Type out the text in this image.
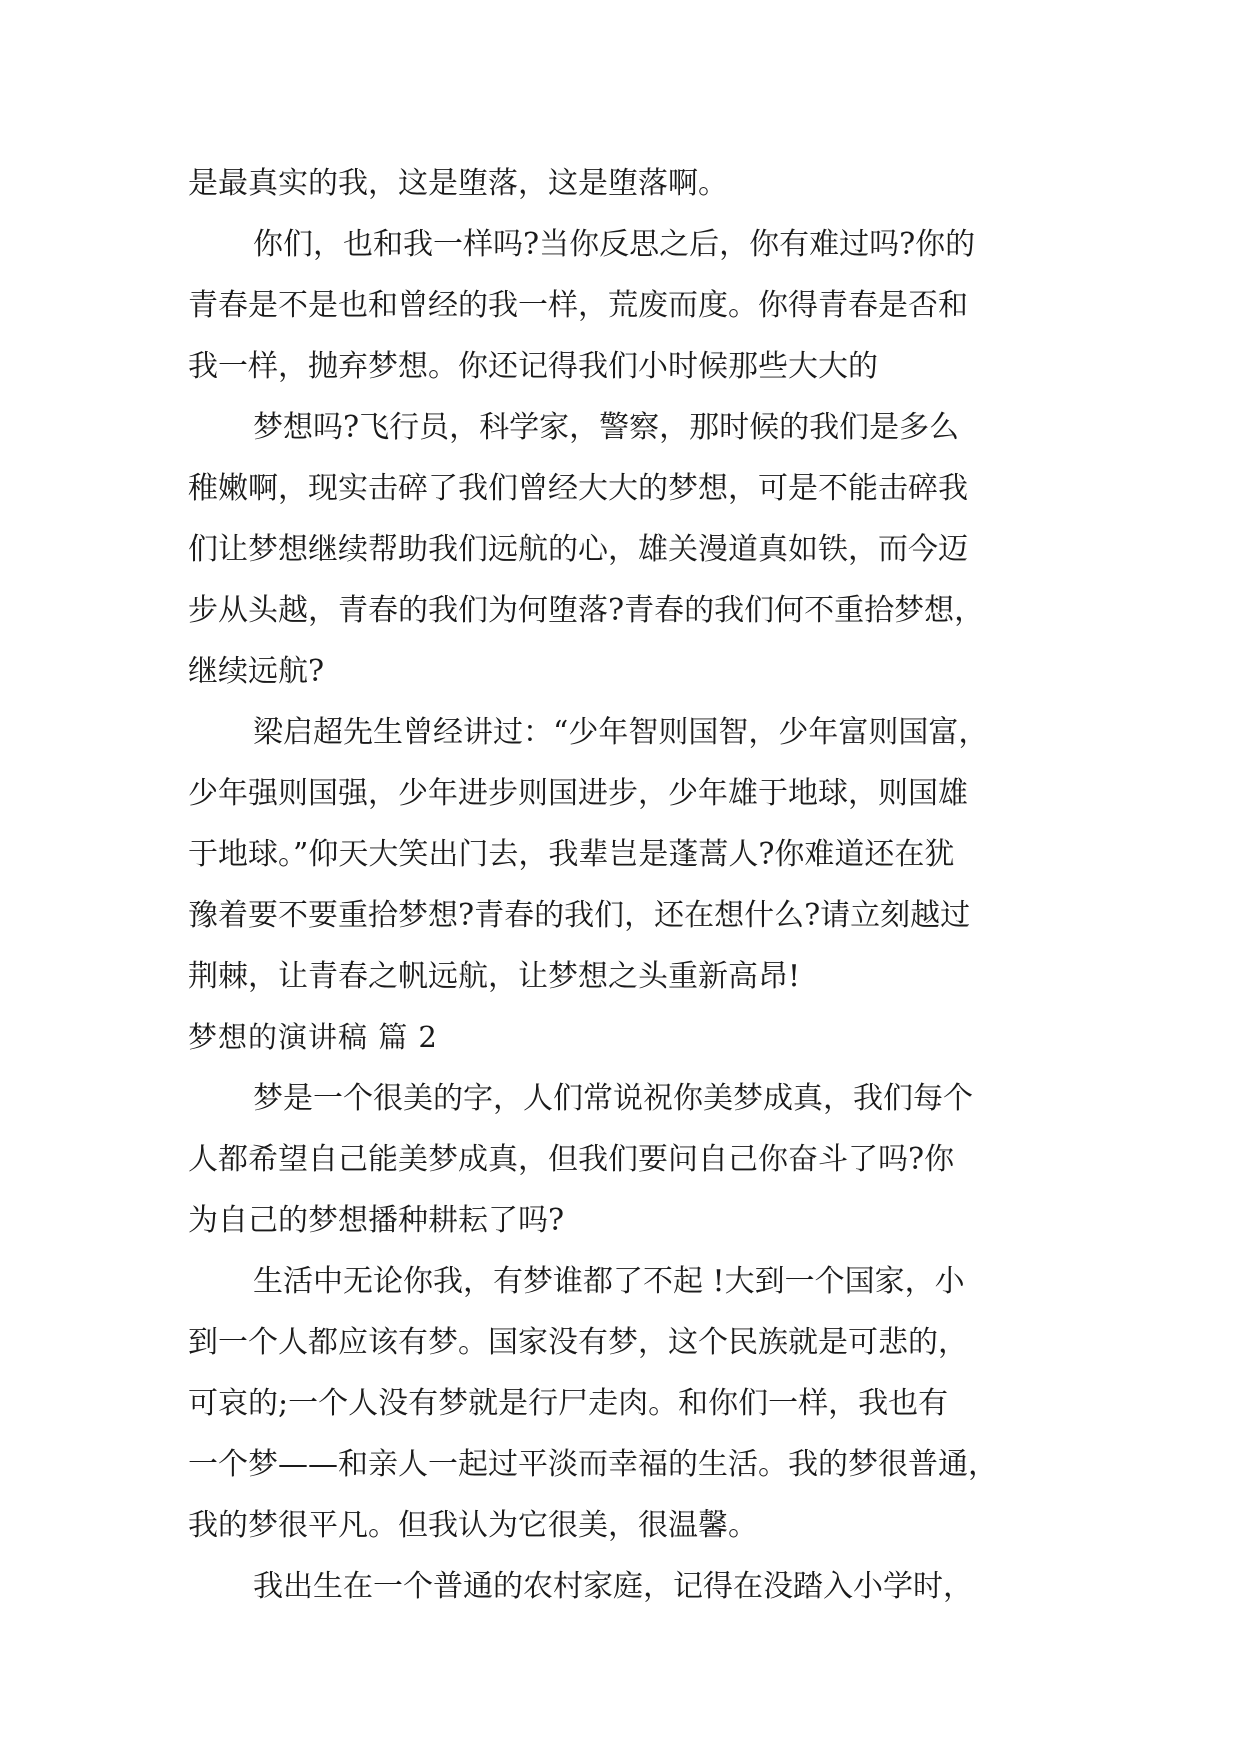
是最真实的我，这是堕落，这是堕落啊。
你们，也和我一样吗?当你反思之后，你有难过吗?你的
青春是不是也和曾经的我一样，荒废而度。你得青春是否和
我一样，抛弃梦想。你还记得我们小时候那些大大的
梦想吗?飞行员，科学家，警察，那时候的我们是多么
稚嫩啊，现实击碎了我们曾经大大的梦想，可是不能击碎我
们让梦想继续帮助我们远航的心，雄关漫道真如铁，而今迈
步从头越，青春的我们为何堕落?青春的我们何不重拾梦想，
继续远航?
梁启超先生曾经讲过：“少年智则国智，少年富则国富，
少年强则国强，少年进步则国进步，少年雄于地球，则国雄
于地球。”仰天大笑出门去，我辈岂是蓬蒿人?你难道还在犹
豫着要不要重拾梦想?青春的我们，还在想什么?请立刻越过
荆棘，让青春之帆远航，让梦想之头重新高昂!
梦想的演讲稿 篇 2
梦是一个很美的字，人们常说祝你美梦成真，我们每个
人都希望自己能美梦成真，但我们要问自己你奋斗了吗?你
为自己的梦想播种耕耘了吗?
生活中无论你我，有梦谁都了不起 !大到一个国家，小
到一个人都应该有梦。国家没有梦，这个民族就是可悲的，
可哀的;一个人没有梦就是行尸走肉。和你们一样，我也有
一个梦——和亲人一起过平淡而幸福的生活。我的梦很普通，
我的梦很平凡。但我认为它很美，很温馨。
我出生在一个普通的农村家庭，记得在没踏入小学时，
